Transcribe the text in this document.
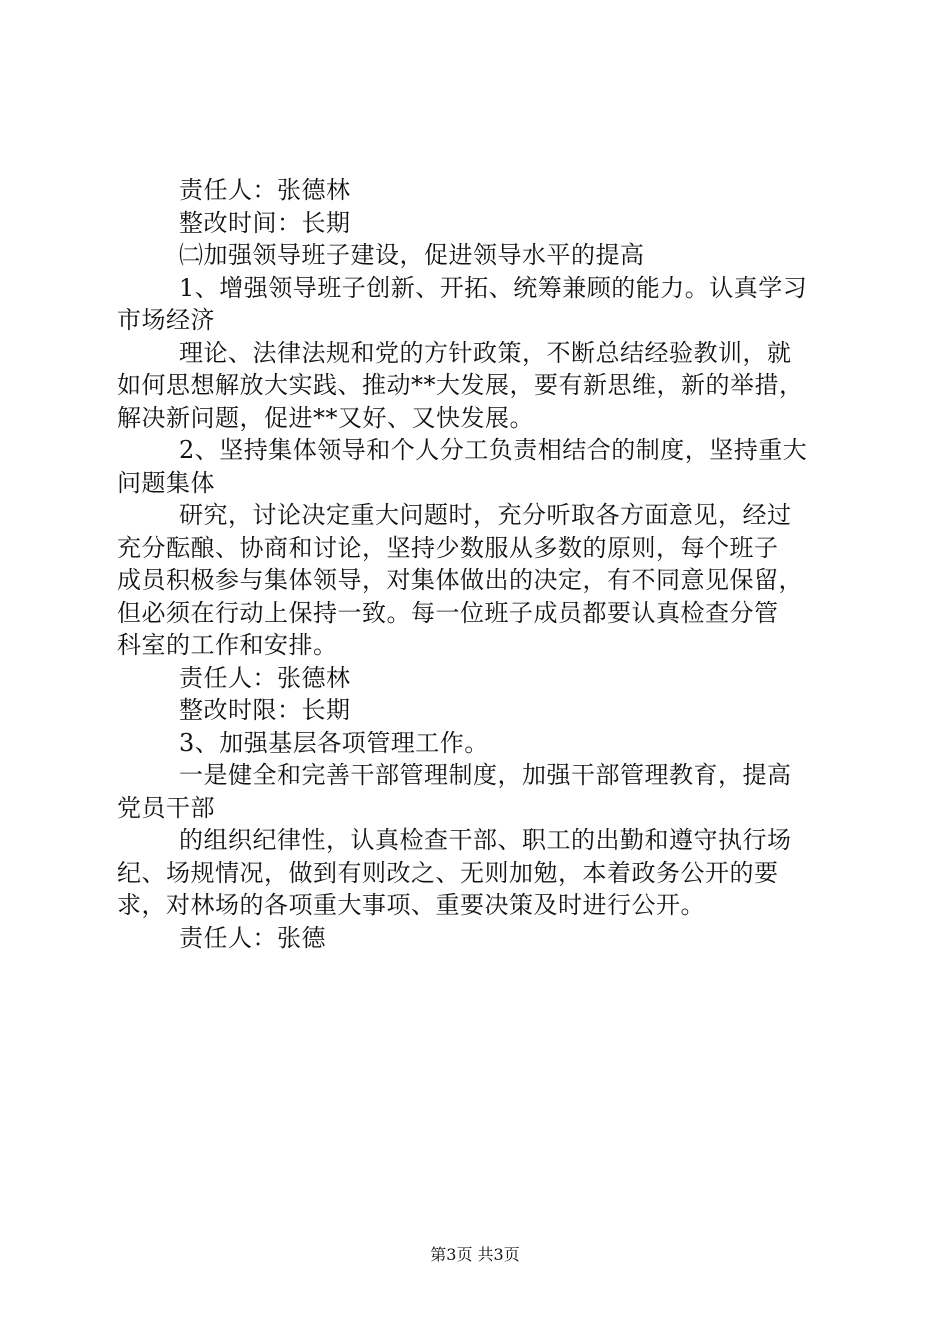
责任人：张德林
整改时间：长期
㈡加强领导班子建设，促进领导水平的提高
1、增强领导班子创新、开拓、统筹兼顾的能力。认真学习
市场经济
理论、法律法规和党的方针政策，不断总结经验教训，就
如何思想解放大实践、推动**大发展，要有新思维，新的举措，
解决新问题，促进**又好、又快发展。
2、坚持集体领导和个人分工负责相结合的制度，坚持重大
问题集体
研究，讨论决定重大问题时，充分听取各方面意见，经过
充分酝酿、协商和讨论，坚持少数服从多数的原则，每个班子
成员积极参与集体领导，对集体做出的决定，有不同意见保留，
但必须在行动上保持一致。每一位班子成员都要认真检查分管
科室的工作和安排。
责任人：张德林
整改时限：长期
3、加强基层各项管理工作。
一是健全和完善干部管理制度，加强干部管理教育，提高
党员干部
的组织纪律性，认真检查干部、职工的出勤和遵守执行场
纪、场规情况，做到有则改之、无则加勉，本着政务公开的要
求，对林场的各项重大事项、重要决策及时进行公开。
责任人：张德
第3页 共3页
